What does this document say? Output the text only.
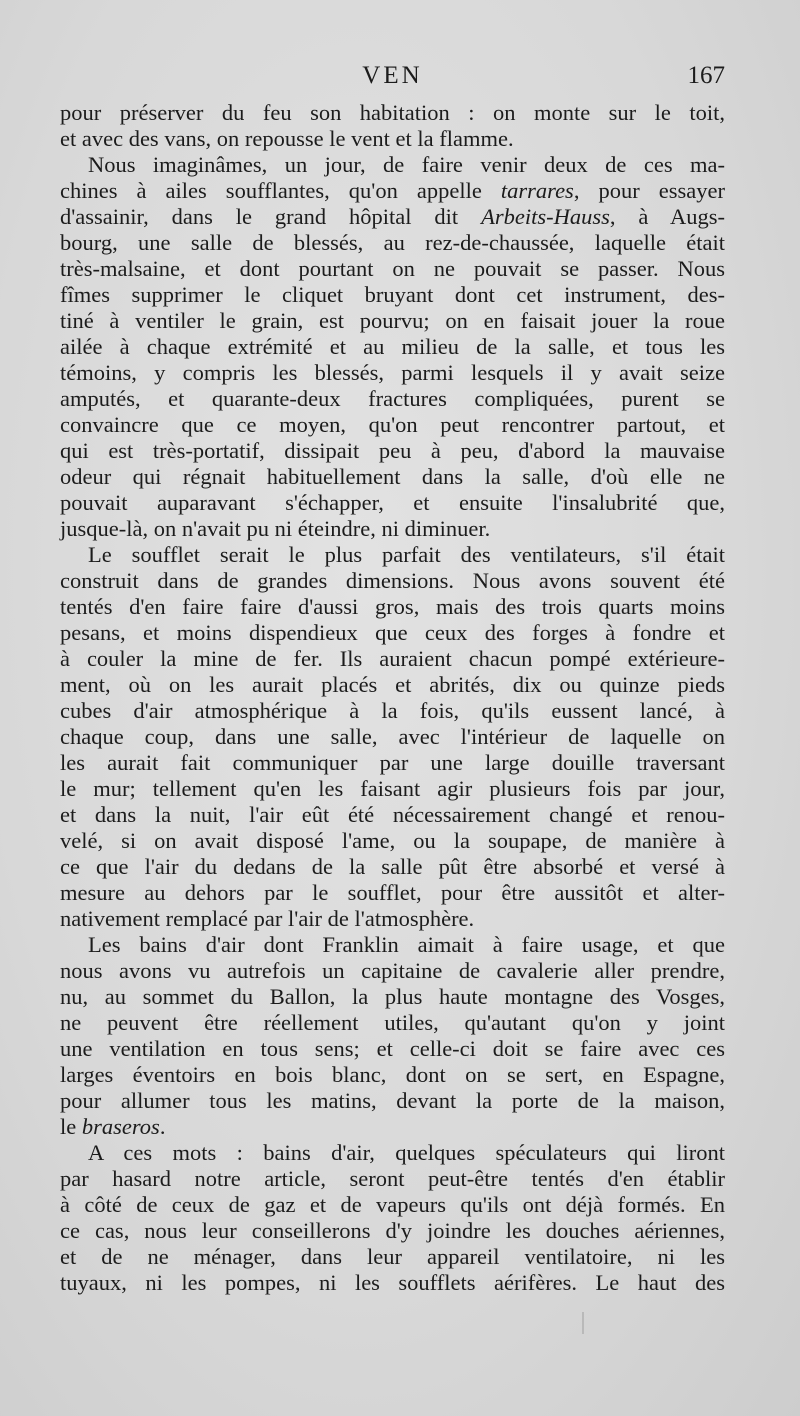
VEN	167
pour préserver du feu son habitation : on monte sur le toit,
et avec des vans, on repousse le vent et la flamme.
Nous imaginâmes, un jour, de faire venir deux de ces ma-
chines à ailes soufflantes, qu'on appelle tarrares, pour essayer
d'assainir, dans le grand hôpital dit Arbeits-Hauss, à Augs-
bourg, une salle de blessés, au rez-de-chaussée, laquelle était
très-malsaine, et dont pourtant on ne pouvait se passer. Nous
fîmes supprimer le cliquet bruyant dont cet instrument, des-
tiné à ventiler le grain, est pourvu; on en faisait jouer la roue
ailée à chaque extrémité et au milieu de la salle, et tous les
témoins, y compris les blessés, parmi lesquels il y avait seize
amputés, et quarante-deux fractures compliquées, purent se
convaincre que ce moyen, qu'on peut rencontrer partout, et
qui est très-portatif, dissipait peu à peu, d'abord la mauvaise
odeur qui régnait habituellement dans la salle, d'où elle ne
pouvait auparavant s'échapper, et ensuite l'insalubrité que,
jusque-là, on n'avait pu ni éteindre, ni diminuer.
Le soufflet serait le plus parfait des ventilateurs, s'il était
construit dans de grandes dimensions. Nous avons souvent été
tentés d'en faire faire d'aussi gros, mais des trois quarts moins
pesans, et moins dispendieux que ceux des forges à fondre et
à couler la mine de fer. Ils auraient chacun pompé extérieure-
ment, où on les aurait placés et abrités, dix ou quinze pieds
cubes d'air atmosphérique à la fois, qu'ils eussent lancé, à
chaque coup, dans une salle, avec l'intérieur de laquelle on
les aurait fait communiquer par une large douille traversant
le mur; tellement qu'en les faisant agir plusieurs fois par jour,
et dans la nuit, l'air eût été nécessairement changé et renou-
velé, si on avait disposé l'ame, ou la soupape, de manière à
ce que l'air du dedans de la salle pût être absorbé et versé à
mesure au dehors par le soufflet, pour être aussitôt et alter-
nativement remplacé par l'air de l'atmosphère.
Les bains d'air dont Franklin aimait à faire usage, et que
nous avons vu autrefois un capitaine de cavalerie aller prendre,
nu, au sommet du Ballon, la plus haute montagne des Vosges,
ne peuvent être réellement utiles, qu'autant qu'on y joint
une ventilation en tous sens; et celle-ci doit se faire avec ces
larges éventoirs en bois blanc, dont on se sert, en Espagne,
pour allumer tous les matins, devant la porte de la maison,
le braseros.
A ces mots : bains d'air, quelques spéculateurs qui liront
par hasard notre article, seront peut-être tentés d'en établir
à côté de ceux de gaz et de vapeurs qu'ils ont déjà formés. En
ce cas, nous leur conseillerons d'y joindre les douches aériennes,
et de ne ménager, dans leur appareil ventilatoire, ni les
tuyaux, ni les pompes, ni les soufflets aérifères. Le haut des
